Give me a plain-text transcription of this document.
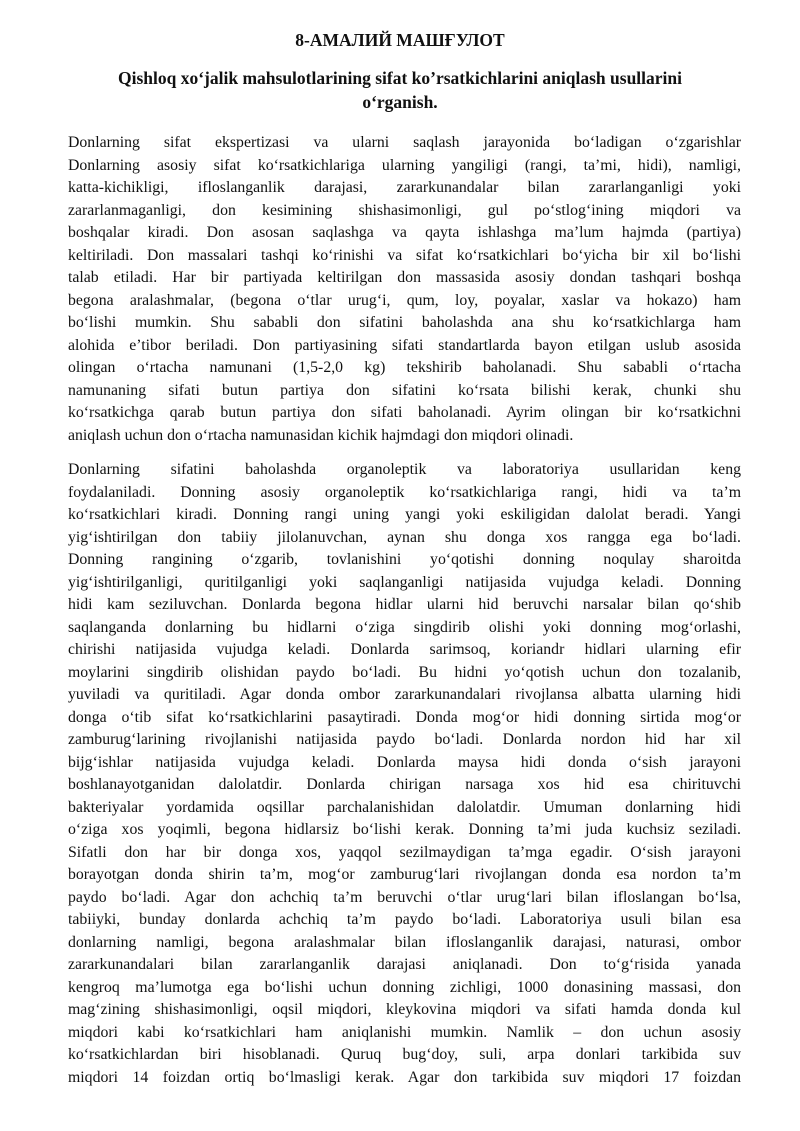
8-АМАЛИЙ МАШҒУЛОТ
Qishloq xo‘jalik mahsulotlarining sifat ko’rsatkichlarini aniqlash usullarini
o‘rganish.
Donlarning sifat ekspertizasi va ularni saqlash jarayonida bo‘ladigan o‘zgarishlar
Donlarning asosiy sifat ko‘rsatkichlariga ularning yangiligi (rangi, ta’mi, hidi), namligi,
katta-kichikligi, ifloslanganlik darajasi, zararkunandalar bilan zararlanganligi yoki
zararlanmaganligi, don kesimining shishasimonligi, gul po‘stlog‘ining miqdori va
boshqalar kiradi. Don asosan saqlashga va qayta ishlashga ma’lum hajmda (partiya)
keltiriladi. Don massalari tashqi ko‘rinishi va sifat ko‘rsatkichlari bo‘yicha bir xil bo‘lishi
talab etiladi. Har bir partiyada keltirilgan don massasida asosiy dondan tashqari boshqa
begona aralashmalar, (begona o‘tlar urug‘i, qum, loy, poyalar, xaslar va hokazo) ham
bo‘lishi mumkin. Shu sababli don sifatini baholashda ana shu ko‘rsatkichlarga ham
alohida e’tibor beriladi. Don partiyasining sifati standartlarda bayon etilgan uslub asosida
olingan o‘rtacha namunani (1,5-2,0 kg) tekshirib baholanadi. Shu sababli o‘rtacha
namunaning sifati butun partiya don sifatini ko‘rsata bilishi kerak, chunki shu
ko‘rsatkichga qarab butun partiya don sifati baholanadi. Ayrim olingan bir ko‘rsatkichni
aniqlash uchun don o‘rtacha namunasidan kichik hajmdagi don miqdori olinadi.
Donlarning sifatini baholashda organoleptik va laboratoriya usullaridan keng
foydalaniladi. Donning asosiy organoleptik ko‘rsatkichlariga rangi, hidi va ta’m
ko‘rsatkichlari kiradi. Donning rangi uning yangi yoki eskiligidan dalolat beradi. Yangi
yig‘ishtirilgan don tabiiy jilolanuvchan, aynan shu donga xos rangga ega bo‘ladi.
Donning rangining o‘zgarib, tovlanishini yo‘qotishi donning noqulay sharoitda
yig‘ishtirilganligi, quritilganligi yoki saqlanganligi natijasida vujudga keladi. Donning
hidi kam seziluvchan. Donlarda begona hidlar ularni hid beruvchi narsalar bilan qo‘shib
saqlanganda donlarning bu hidlarni o‘ziga singdirib olishi yoki donning mog‘orlashi,
chirishi natijasida vujudga keladi. Donlarda sarimsoq, koriandr hidlari ularning efir
moylarini singdirib olishidan paydo bo‘ladi. Bu hidni yo‘qotish uchun don tozalanib,
yuviladi va quritiladi. Agar donda ombor zararkunandalari rivojlansa albatta ularning hidi
donga o‘tib sifat ko‘rsatkichlarini pasaytiradi. Donda mog‘or hidi donning sirtida mog‘or
zamburug‘larining rivojlanishi natijasida paydo bo‘ladi. Donlarda nordon hid har xil
bijg‘ishlar natijasida vujudga keladi. Donlarda maysa hidi donda o‘sish jarayoni
boshlanayotganidan dalolatdir. Donlarda chirigan narsaga xos hid esa chirituvchi
bakteriyalar yordamida oqsillar parchalanishidan dalolatdir. Umuman donlarning hidi
o‘ziga xos yoqimli, begona hidlarsiz bo‘lishi kerak. Donning ta’mi juda kuchsiz seziladi.
Sifatli don har bir donga xos, yaqqol sezilmaydigan ta’mga egadir. O‘sish jarayoni
borayotgan donda shirin ta’m, mog‘or zamburug‘lari rivojlangan donda esa nordon ta’m
paydo bo‘ladi. Agar don achchiq ta’m beruvchi o‘tlar urug‘lari bilan ifloslangan bo‘lsa,
tabiiyki, bunday donlarda achchiq ta’m paydo bo‘ladi. Laboratoriya usuli bilan esa
donlarning namligi, begona aralashmalar bilan ifloslanganlik darajasi, naturasi, ombor
zararkunandalari bilan zararlanganlik darajasi aniqlanadi. Don to‘g‘risida yanada
kengroq ma’lumotga ega bo‘lishi uchun donning zichligi, 1000 donasining massasi, don
mag‘zining shishasimonligi, oqsil miqdori, kleykovina miqdori va sifati hamda donda kul
miqdori kabi ko‘rsatkichlari ham aniqlanishi mumkin. Namlik – don uchun asosiy
ko‘rsatkichlardan biri hisoblanadi. Quruq bug‘doy, suli, arpa donlari tarkibida suv
miqdori 14 foizdan ortiq bo‘lmasligi kerak. Agar don tarkibida suv miqdori 17 foizdan
